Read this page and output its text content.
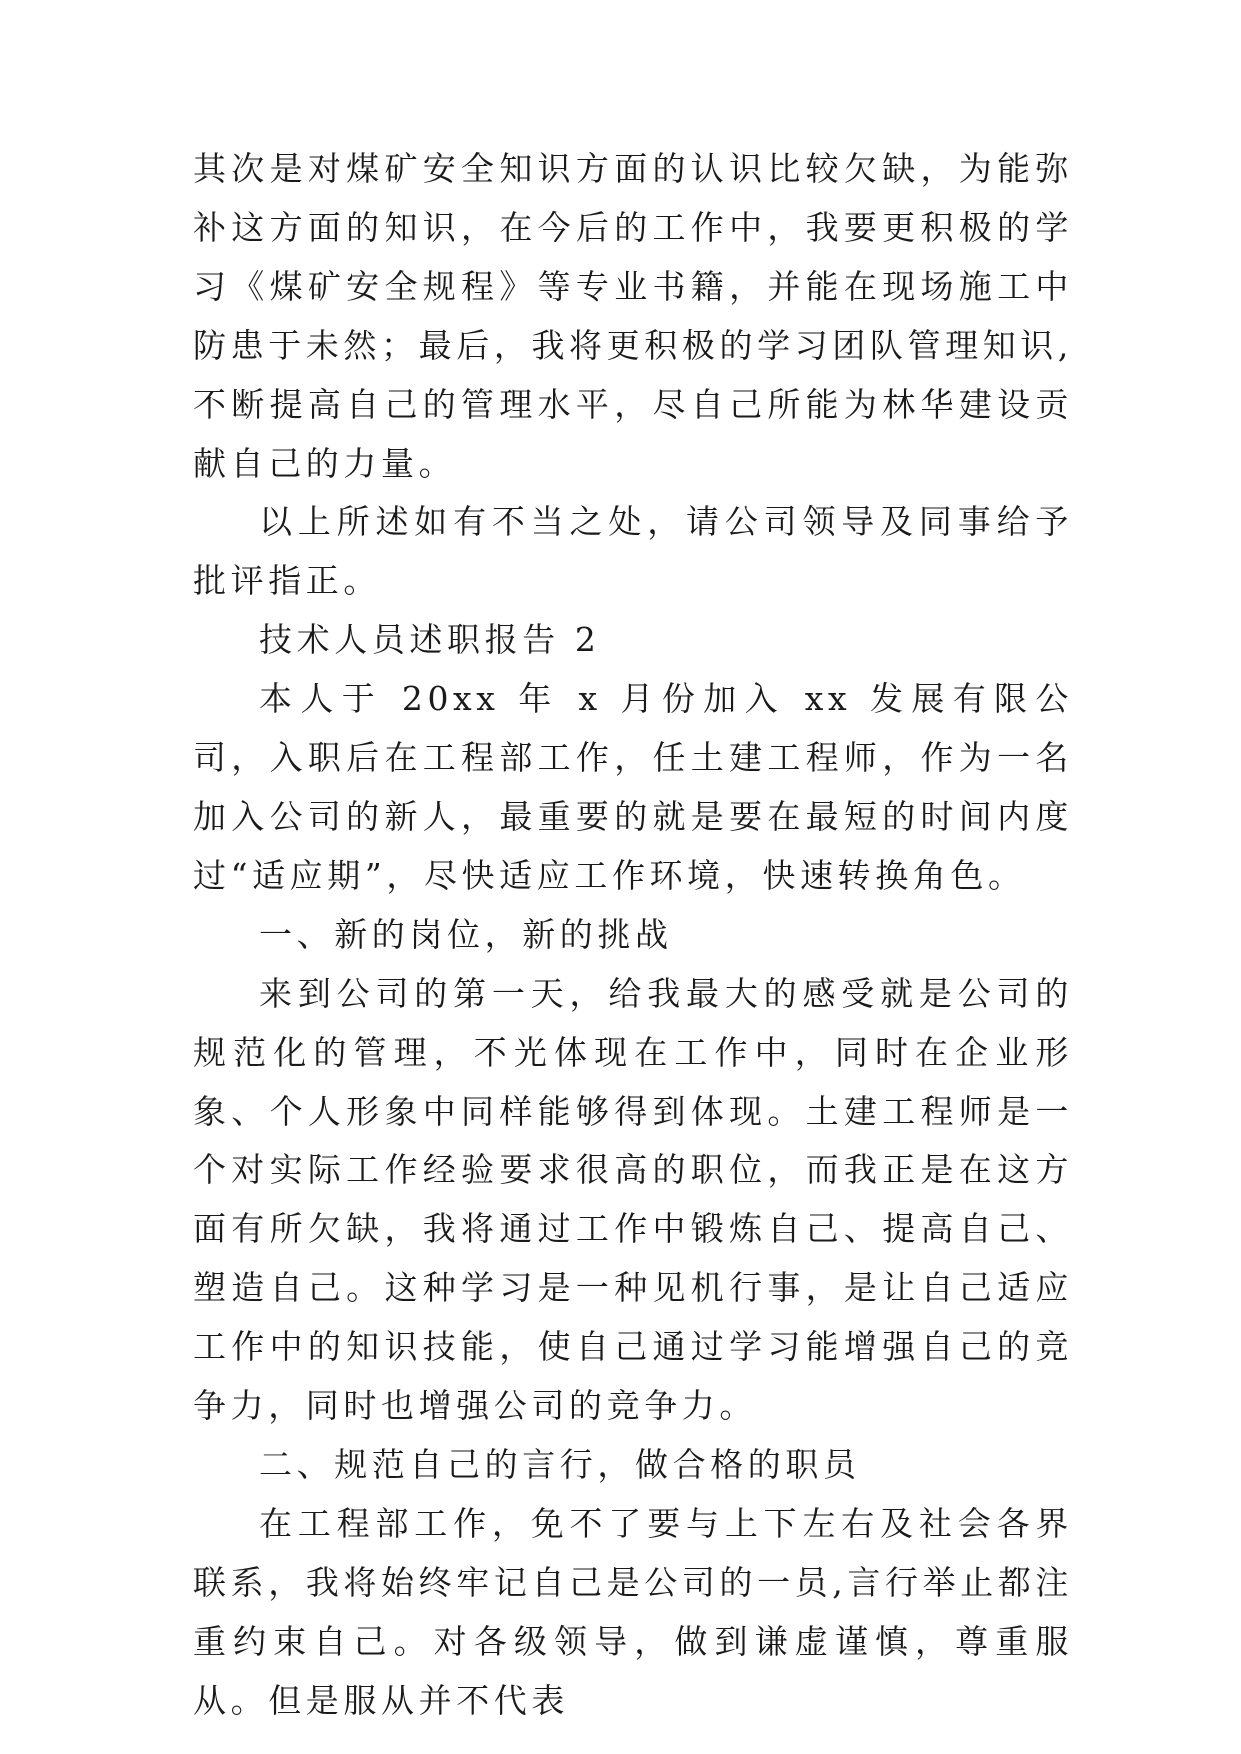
其次是对煤矿安全知识方面的认识比较欠缺，为能弥补这方面的知识，在今后的工作中，我要更积极的学习《煤矿安全规程》等专业书籍，并能在现场施工中防患于未然；最后，我将更积极的学习团队管理知识,不断提高自己的管理水平，尽自己所能为林华建设贡献自己的力量。

以上所述如有不当之处，请公司领导及同事给予批评指正。

技术人员述职报告 2

本人于 20xx 年 x 月份加入 xx 发展有限公司，入职后在工程部工作，任土建工程师，作为一名加入公司的新人，最重要的就是要在最短的时间内度过“适应期”，尽快适应工作环境，快速转换角色。

一、新的岗位，新的挑战

来到公司的第一天，给我最大的感受就是公司的规范化的管理，不光体现在工作中，同时在企业形象、个人形象中同样能够得到体现。土建工程师是一个对实际工作经验要求很高的职位，而我正是在这方面有所欠缺，我将通过工作中锻炼自己、提高自己、塑造自己。这种学习是一种见机行事，是让自己适应工作中的知识技能，使自己通过学习能增强自己的竞争力，同时也增强公司的竞争力。

二、规范自己的言行，做合格的职员

在工程部工作，免不了要与上下左右及社会各界联系，我将始终牢记自己是公司的一员,言行举止都注重约束自己。对各级领导，做到谦虚谨慎，尊重服从。但是服从并不代表
